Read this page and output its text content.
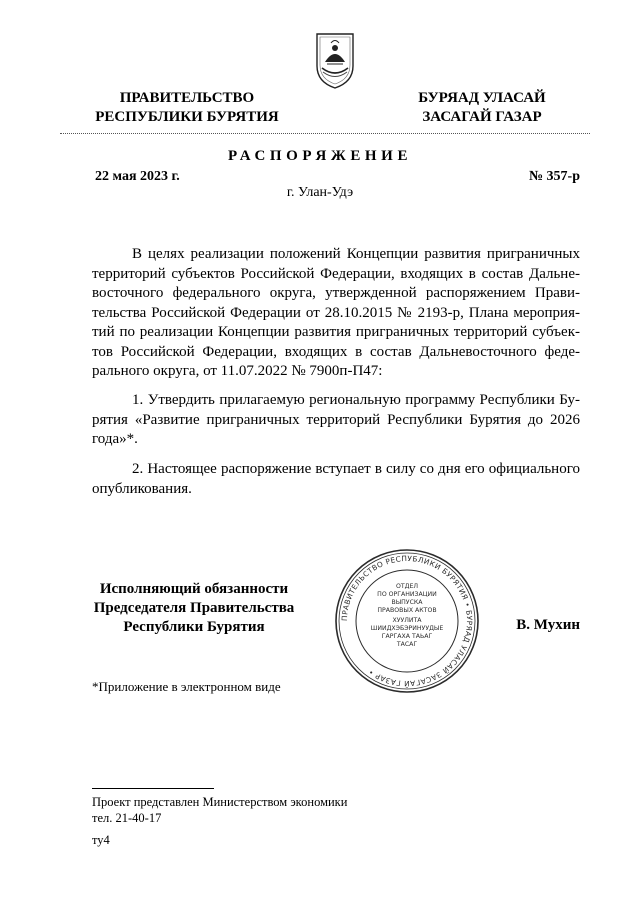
ПРАВИТЕЛЬСТВО
РЕСПУБЛИКИ БУРЯТИЯ
БУРЯАД УЛАСАЙ
ЗАСАГАЙ ГАЗАР
РАСПОРЯЖЕНИЕ
22 мая 2023 г.	№ 357-р
г. Улан-Удэ
В целях реализации положений Концепции развития приграничных территорий субъектов Российской Федерации, входящих в состав Дальневосточного федерального округа, утвержденной распоряжением Правительства Российской Федерации от 28.10.2015 № 2193-р, Плана мероприятий по реализации Концепции развития приграничных территорий субъектов Российской Федерации, входящих в состав Дальневосточного федерального округа, от 11.07.2022 № 7900п-П47:
1. Утвердить прилагаемую региональную программу Республики Бурятия «Развитие приграничных территорий Республики Бурятия до 2026 года»*.
2. Настоящее распоряжение вступает в силу со дня его официального опубликования.
Исполняющий обязанности
Председателя Правительства
Республики Бурятия
ПРАВИТЕЛЬСТВО РЕСПУБЛИКИ БУРЯТИЯ • БУРЯАД УЛАСАЙ ЗАСАГАЙ ГАЗАР •
ОТДЕЛ
ПО ОРГАНИЗАЦИИ
ВЫПУСКА
ПРАВОВЫХ АКТОВ
ХУУЛИТА
ШИИДХЭБЭРИНУУДЫЕ
ГАРГАХА ТАЬАГ
ТАСАГ
В. Мухин
*Приложение в электронном виде
Проект представлен Министерством экономики
тел. 21-40-17
ту4
